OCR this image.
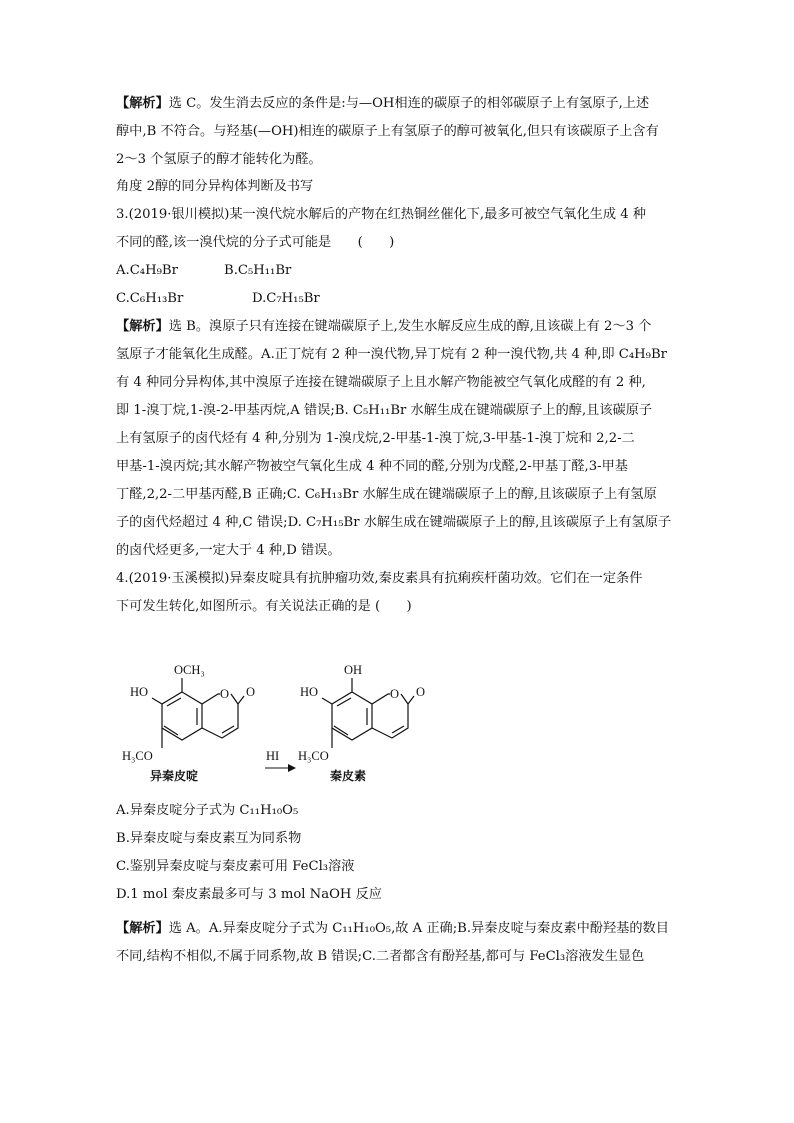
【 解析 】 选 C。发生消去反应的条件是:与—OH相连的碳原子的相邻碳原子上有氢原子,上述
醇中,B 不符合。与羟基(—OH)相连的碳原子上有氢原子的醇可被氧化,但只有该碳原子上含有
2～3 个氢原子的醇才能转化为醛。
角度 2醇的同分异构体判断及书写
3.(2019·银川模拟)某一溴代烷水解后的产物在红热铜丝催化下,最多可被空气氧化生成 4 种
不同的醛,该一溴代烷的分子式可能是　　(　　)
A.C₄H₉Br	B.C₅H₁₁Br
C.C₆H₁₃Br	D.C₇H₁₅Br
【 解析 】 选 B。溴原子只有连接在键端碳原子上,发生水解反应生成的醇,且该碳上有 2～3 个
氢原子才能氧化生成醛。A.正丁烷有 2 种一溴代物,异丁烷有 2 种一溴代物,共 4 种,即 C₄H₉Br
有 4 种同分异构体,其中溴原子连接在键端碳原子上且水解产物能被空气氧化成醛的有 2 种,
即 1-溴丁烷,1-溴-2-甲基丙烷,A 错误;B. C₅H₁₁Br 水解生成在键端碳原子上的醇,且该碳原子
上有氢原子的卤代烃有 4 种,分别为 1-溴戊烷,2-甲基-1-溴丁烷,3-甲基-1-溴丁烷和 2,2-二
甲基-1-溴丙烷;其水解产物被空气氧化生成 4 种不同的醛,分别为戊醛,2-甲基丁醛,3-甲基
丁醛,2,2-二甲基丙醛,B 正确;C. C₆H₁₃Br 水解生成在键端碳原子上的醇,且该碳原子上有氢原
子的卤代烃超过 4 种,C 错误;D. C₇H₁₅Br 水解生成在键端碳原子上的醇,且该碳原子上有氢原子
的卤代烃更多,一定大于 4 种,D 错误。
4.(2019·玉溪模拟)异秦皮啶具有抗肿瘤功效,秦皮素具有抗痢疾杆菌功效。它们在一定条件
下可发生转化,如图所示。有关说法正确的是 (　　)
HO
OCH₃
O O
H₃CO
异秦皮啶
HI
HO
OH
O O
H₃CO
秦皮素
A.异秦皮啶分子式为 C₁₁H₁₀O₅
B.异秦皮啶与秦皮素互为同系物
C.鉴别异秦皮啶与秦皮素可用 FeCl₃溶液
D.1 mol 秦皮素最多可与 3 mol NaOH 反应
【 解析 】 选 A。A.异秦皮啶分子式为 C₁₁H₁₀O₅,故 A 正确;B.异秦皮啶与秦皮素中酚羟基的数目
不同,结构不相似,不属于同系物,故 B 错误;C.二者都含有酚羟基,都可与 FeCl₃溶液发生显色
